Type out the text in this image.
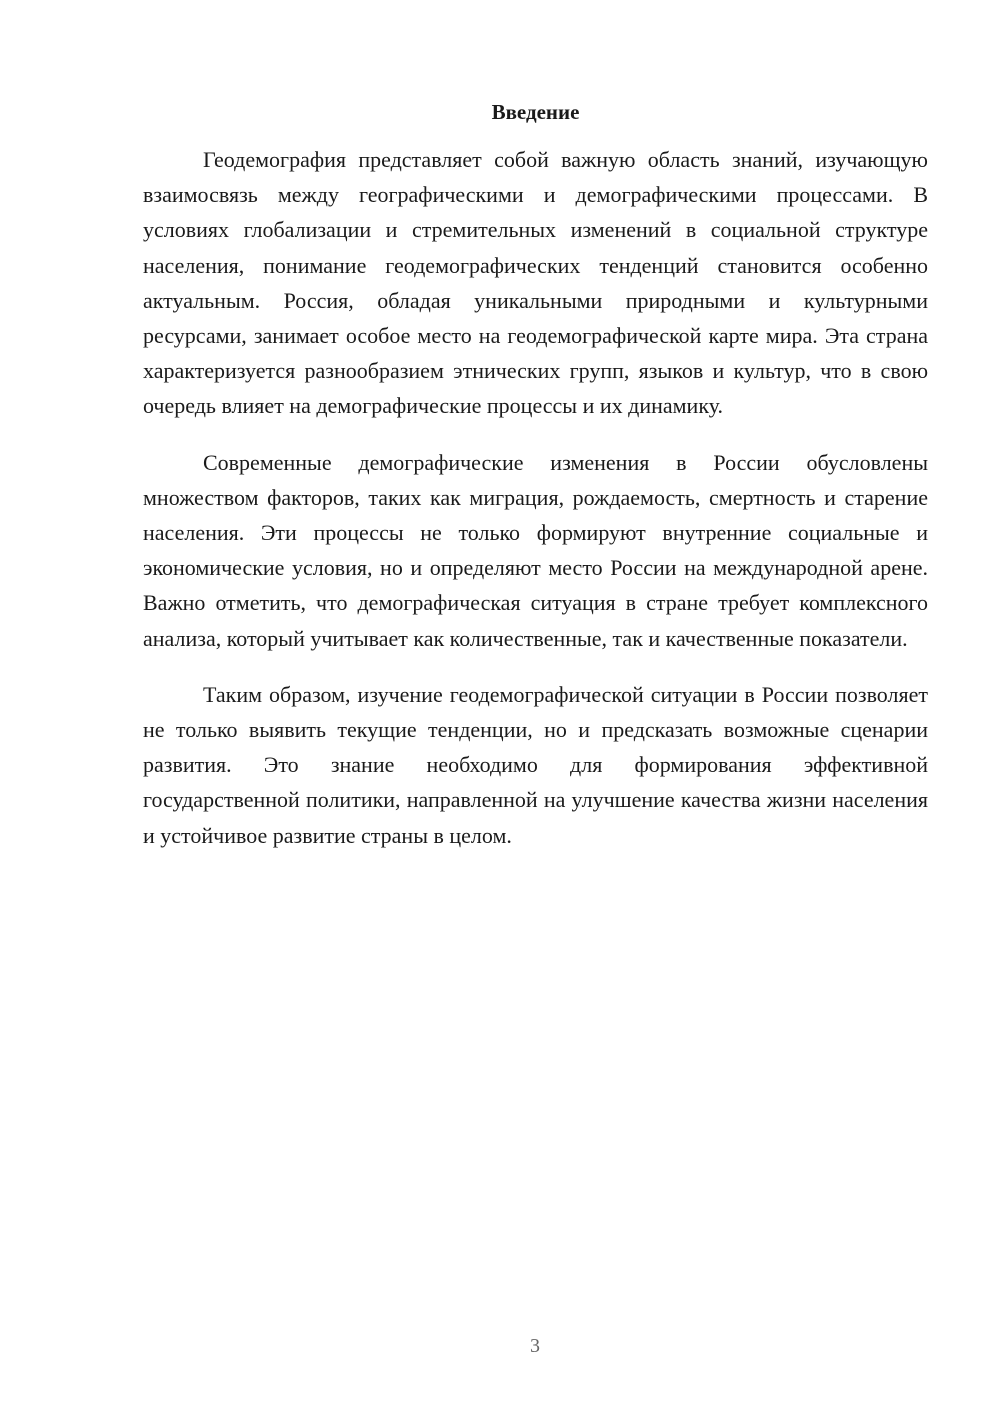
Введение

Геодемография представляет собой важную область знаний, изучающую взаимосвязь между географическими и демографическими процессами. В условиях глобализации и стремительных изменений в социальной структуре населения, понимание геодемографических тенденций становится особенно актуальным. Россия, обладая уникальными природными и культурными ресурсами, занимает особое место на геодемографической карте мира. Эта страна характеризуется разнообразием этнических групп, языков и культур, что в свою очередь влияет на демографические процессы и их динамику.

Современные демографические изменения в России обусловлены множеством факторов, таких как миграция, рождаемость, смертность и старение населения. Эти процессы не только формируют внутренние социальные и экономические условия, но и определяют место России на международной арене. Важно отметить, что демографическая ситуация в стране требует комплексного анализа, который учитывает как количественные, так и качественные показатели.

Таким образом, изучение геодемографической ситуации в России позволяет не только выявить текущие тенденции, но и предсказать возможные сценарии развития. Это знание необходимо для формирования эффективной государственной политики, направленной на улучшение качества жизни населения и устойчивое развитие страны в целом.

3
